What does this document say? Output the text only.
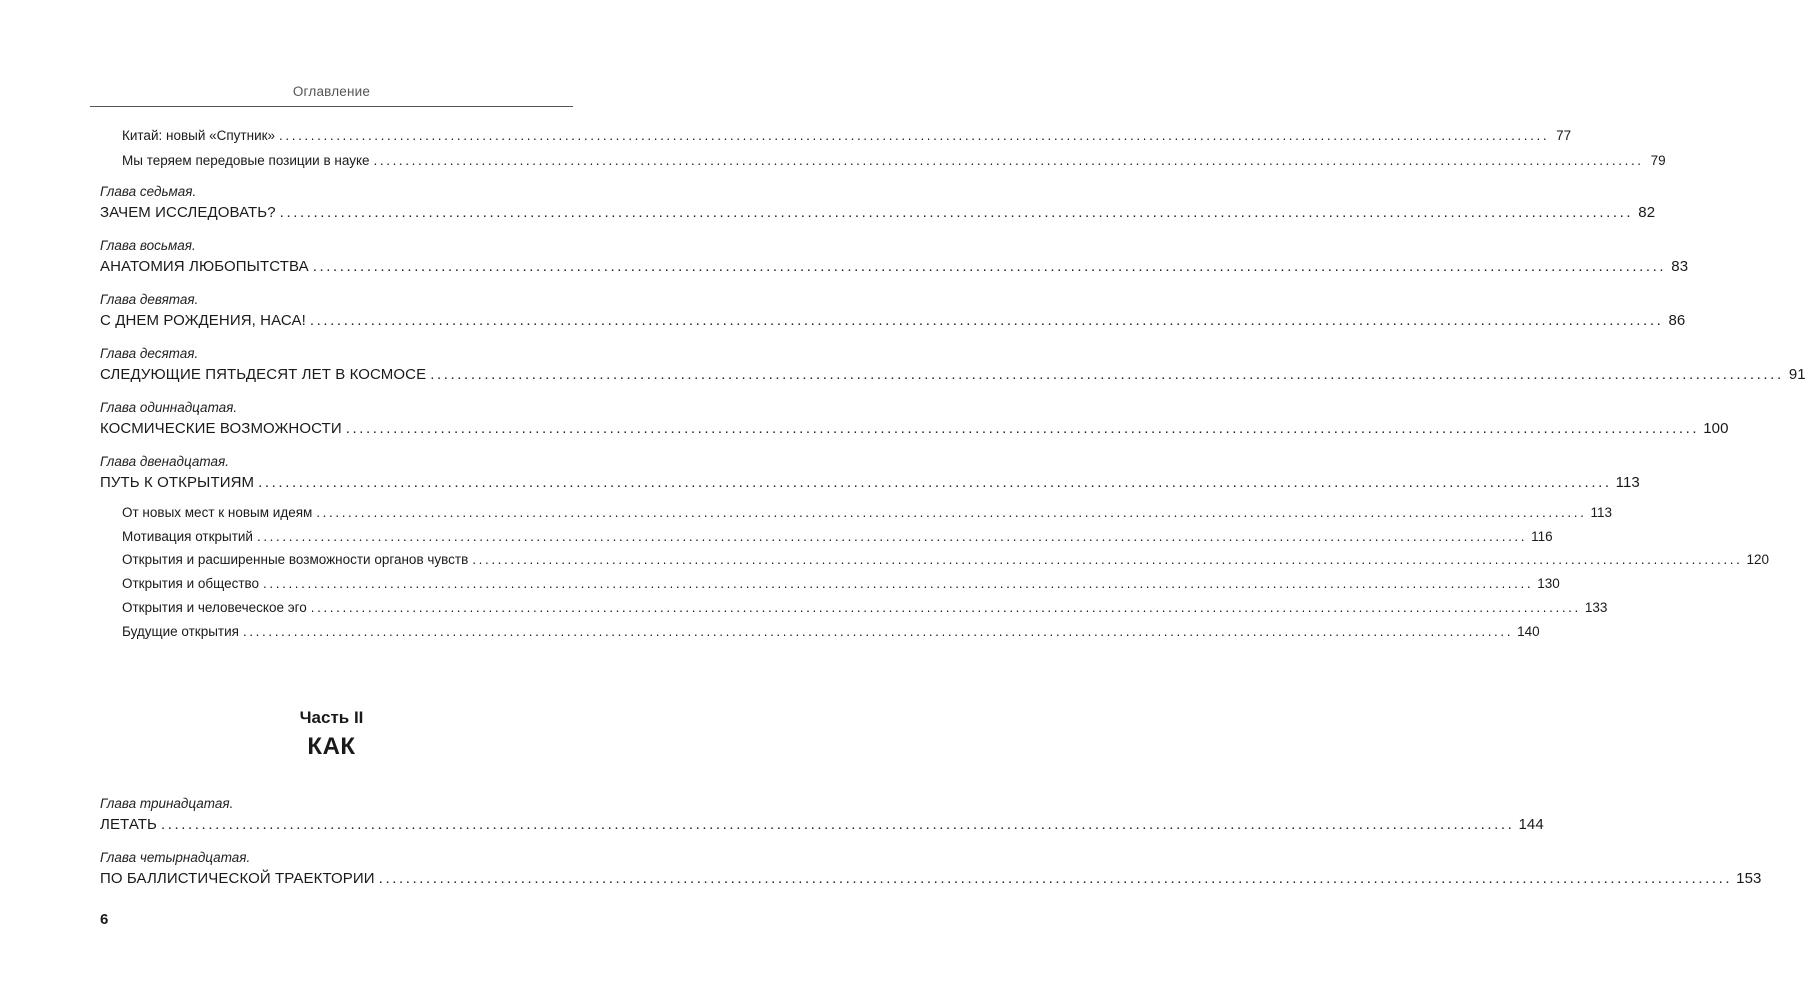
Оглавление
Китай: новый «Спутник» ........................................................................................................................................................................................................ 77
Мы теряем передовые позиции в науке ........................................................................................................................................................................................................ 79
Глава седьмая.
ЗАЧЕМ ИССЛЕДОВАТЬ? ........................................................................................................................................................................................................ 82
Глава восьмая.
АНАТОМИЯ ЛЮБОПЫТСТВА ........................................................................................................................................................................................................ 83
Глава девятая.
С ДНЕМ РОЖДЕНИЯ, НАСА! ........................................................................................................................................................................................................ 86
Глава десятая.
СЛЕДУЮЩИЕ ПЯТЬДЕСЯТ ЛЕТ В КОСМОСЕ ........................................................................................................................................................................................................ 91
Глава одиннадцатая.
КОСМИЧЕСКИЕ ВОЗМОЖНОСТИ ........................................................................................................................................................................................................ 100
Глава двенадцатая.
ПУТЬ К ОТКРЫТИЯМ ........................................................................................................................................................................................................ 113
От новых мест к новым идеям ........................................................................................................................................................................................................ 113
Мотивация открытий ........................................................................................................................................................................................................ 116
Открытия и расширенные возможности органов чувств ........................................................................................................................................................................................................ 120
Открытия и общество ........................................................................................................................................................................................................ 130
Открытия и человеческое эго ........................................................................................................................................................................................................ 133
Будущие открытия ........................................................................................................................................................................................................ 140
Часть II
КАК
Глава тринадцатая.
ЛЕТАТЬ ........................................................................................................................................................................................................ 144
Глава четырнадцатая.
ПО БАЛЛИСТИЧЕСКОЙ ТРАЕКТОРИИ ........................................................................................................................................................................................................ 153
6
